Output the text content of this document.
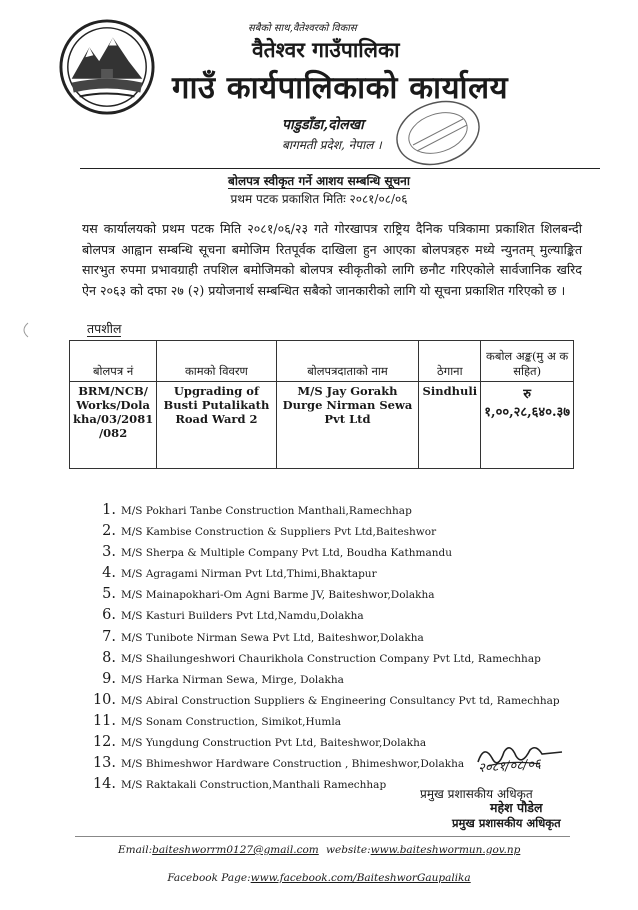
सबैको साथ,वैतेश्वरको विकास
वैतेश्वर गाउँपालिका
गाउँ कार्यपालिकाको कार्यालय
पाडुडाँडा,दोलखा
बागमती प्रदेश, नेपाल ।
बोलपत्र स्वीकृत गर्ने आशय सम्बन्धि सूचना
प्रथम पटक प्रकाशित मितिः २०८१/०८/०६
यस कार्यालयको प्रथम पटक मिति २०८१/०६/२३ गते गोरखापत्र राष्ट्रिय दैनिक पत्रिकामा प्रकाशित शिलबन्दी बोलपत्र आह्वान सम्बन्धि सूचना बमोजिम रितपूर्वक दाखिला हुन आएका बोलपत्रहरु मध्ये न्युनतम् मुल्याङ्कित सारभुत रुपमा प्रभावग्राही तपशिल बमोजिमको बोलपत्र स्वीकृतीको लागि छनौट गरिएकोले सार्वजानिक खरिद ऐन २०६३ को दफा २७ (२) प्रयोजनार्थ सम्बन्धित सबैको जानकारीको लागि यो सूचना प्रकाशित गरिएको छ ।
तपशील
बोलपत्र नं	कामको विवरण	बोलपत्रदाताको नाम	ठेगाना	कबोल अङ्क(मु अ क सहित)
BRM/NCB/ Works/Dola kha/03/2081 /082	Upgrading of Busti Putalikath Road Ward 2	M/S Jay Gorakh Durge Nirman Sewa Pvt Ltd	Sindhuli	रु १,००,२८,६४०.३७
1. M/S Pokhari Tanbe Construction Manthali,Ramechhap
2. M/S Kambise Construction & Suppliers Pvt Ltd,Baiteshwor
3. M/S Sherpa & Multiple Company Pvt Ltd, Boudha Kathmandu
4. M/S Agragami Nirman Pvt Ltd,Thimi,Bhaktapur
5. M/S Mainapokhari-Om Agni Barme JV, Baiteshwor,Dolakha
6. M/S Kasturi Builders Pvt Ltd,Namdu,Dolakha
7. M/S Tunibote Nirman Sewa Pvt Ltd, Baiteshwor,Dolakha
8. M/S Shailungeshwori Chaurikhola Construction Company Pvt Ltd, Ramechhap
9. M/S Harka Nirman Sewa, Mirge, Dolakha
10. M/S Abiral Construction Suppliers & Engineering Consultancy Pvt td, Ramechhap
11. M/S Sonam Construction, Simikot,Humla
12. M/S Yungdung Construction Pvt Ltd, Baiteshwor,Dolakha
13. M/S Bhimeshwor Hardware Construction , Bhimeshwor,Dolakha
14. M/S Raktakali Construction,Manthali Ramechhap
२०८१/०८/०६
प्रमुख प्रशासकीय अधिकृत
महेश पौडेल
प्रमुख प्रशासकीय अधिकृत
Email:baiteshworrm0127@gmail.com website:www.baiteshwormun.gov.np
Facebook Page:www.facebook.com/BaiteshworGaupalika
